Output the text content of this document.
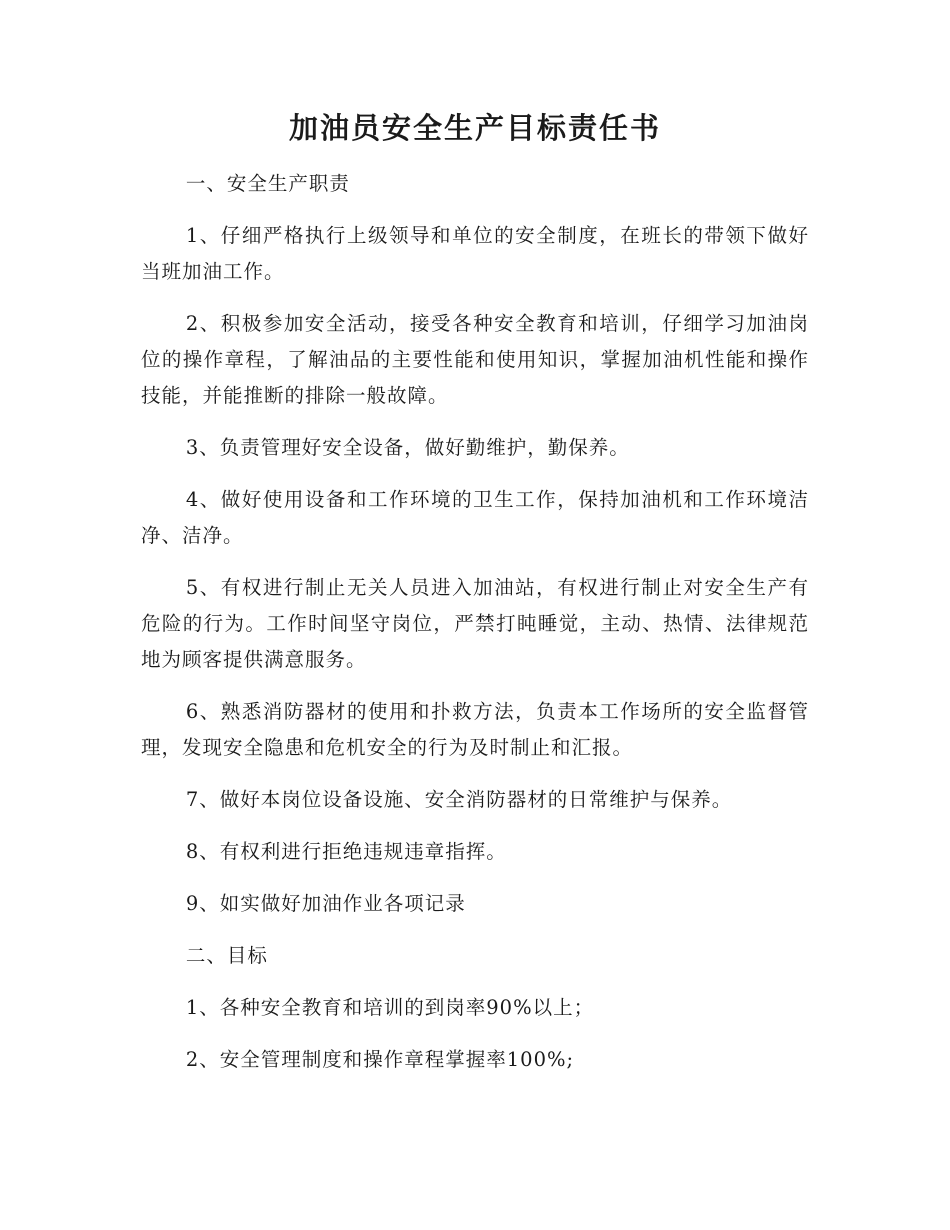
加油员安全生产目标责任书

一、安全生产职责

1、仔细严格执行上级领导和单位的安全制度，在班长的带领下做好当班加油工作。

2、积极参加安全活动，接受各种安全教育和培训，仔细学习加油岗位的操作章程，了解油品的主要性能和使用知识，掌握加油机性能和操作技能，并能推断的排除一般故障。

3、负责管理好安全设备，做好勤维护，勤保养。

4、做好使用设备和工作环境的卫生工作，保持加油机和工作环境洁净、洁净。

5、有权进行制止无关人员进入加油站，有权进行制止对安全生产有危险的行为。工作时间坚守岗位，严禁打盹睡觉，主动、热情、法律规范地为顾客提供满意服务。

6、熟悉消防器材的使用和扑救方法，负责本工作场所的安全监督管理，发现安全隐患和危机安全的行为及时制止和汇报。

7、做好本岗位设备设施、安全消防器材的日常维护与保养。

8、有权利进行拒绝违规违章指挥。

9、如实做好加油作业各项记录

二、目标

1、各种安全教育和培训的到岗率90%以上；

2、安全管理制度和操作章程掌握率100%;
